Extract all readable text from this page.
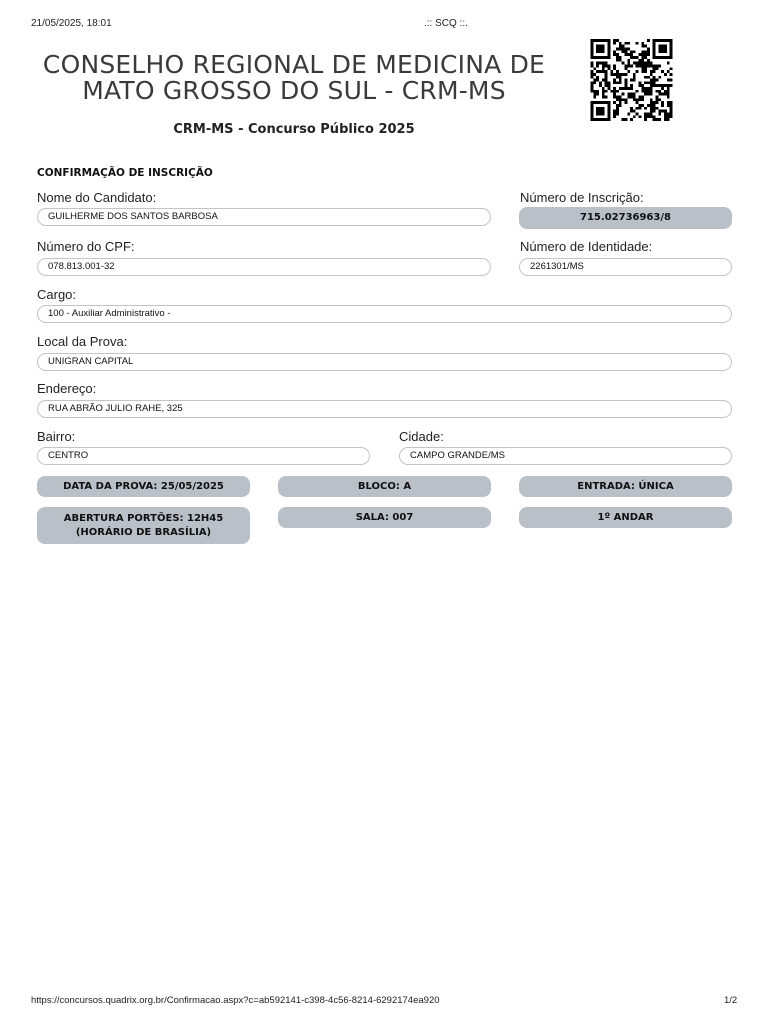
21/05/2025, 18:01	.:: SCQ ::.
CONSELHO REGIONAL DE MEDICINA DE
MATO GROSSO DO SUL - CRM-MS
CRM-MS - Concurso Público 2025
CONFIRMAÇÃO DE INSCRIÇÃO
Nome do Candidato:
GUILHERME DOS SANTOS BARBOSA
Número de Inscrição:
715.02736963/8
Número do CPF:
078.813.001-32
Número de Identidade:
2261301/MS
Cargo:
100 - Auxiliar Administrativo -
Local da Prova:
UNIGRAN CAPITAL
Endereço:
RUA ABRÃO JULIO RAHE, 325
Bairro:
CENTRO
Cidade:
CAMPO GRANDE/MS
DATA DA PROVA: 25/05/2025	BLOCO: A	ENTRADA: ÚNICA
ABERTURA PORTÕES: 12H45
(HORÁRIO DE BRASÍLIA)
SALA: 007	1º ANDAR
https://concursos.quadrix.org.br/Confirmacao.aspx?c=ab592141-c398-4c56-8214-6292174ea920	1/2
